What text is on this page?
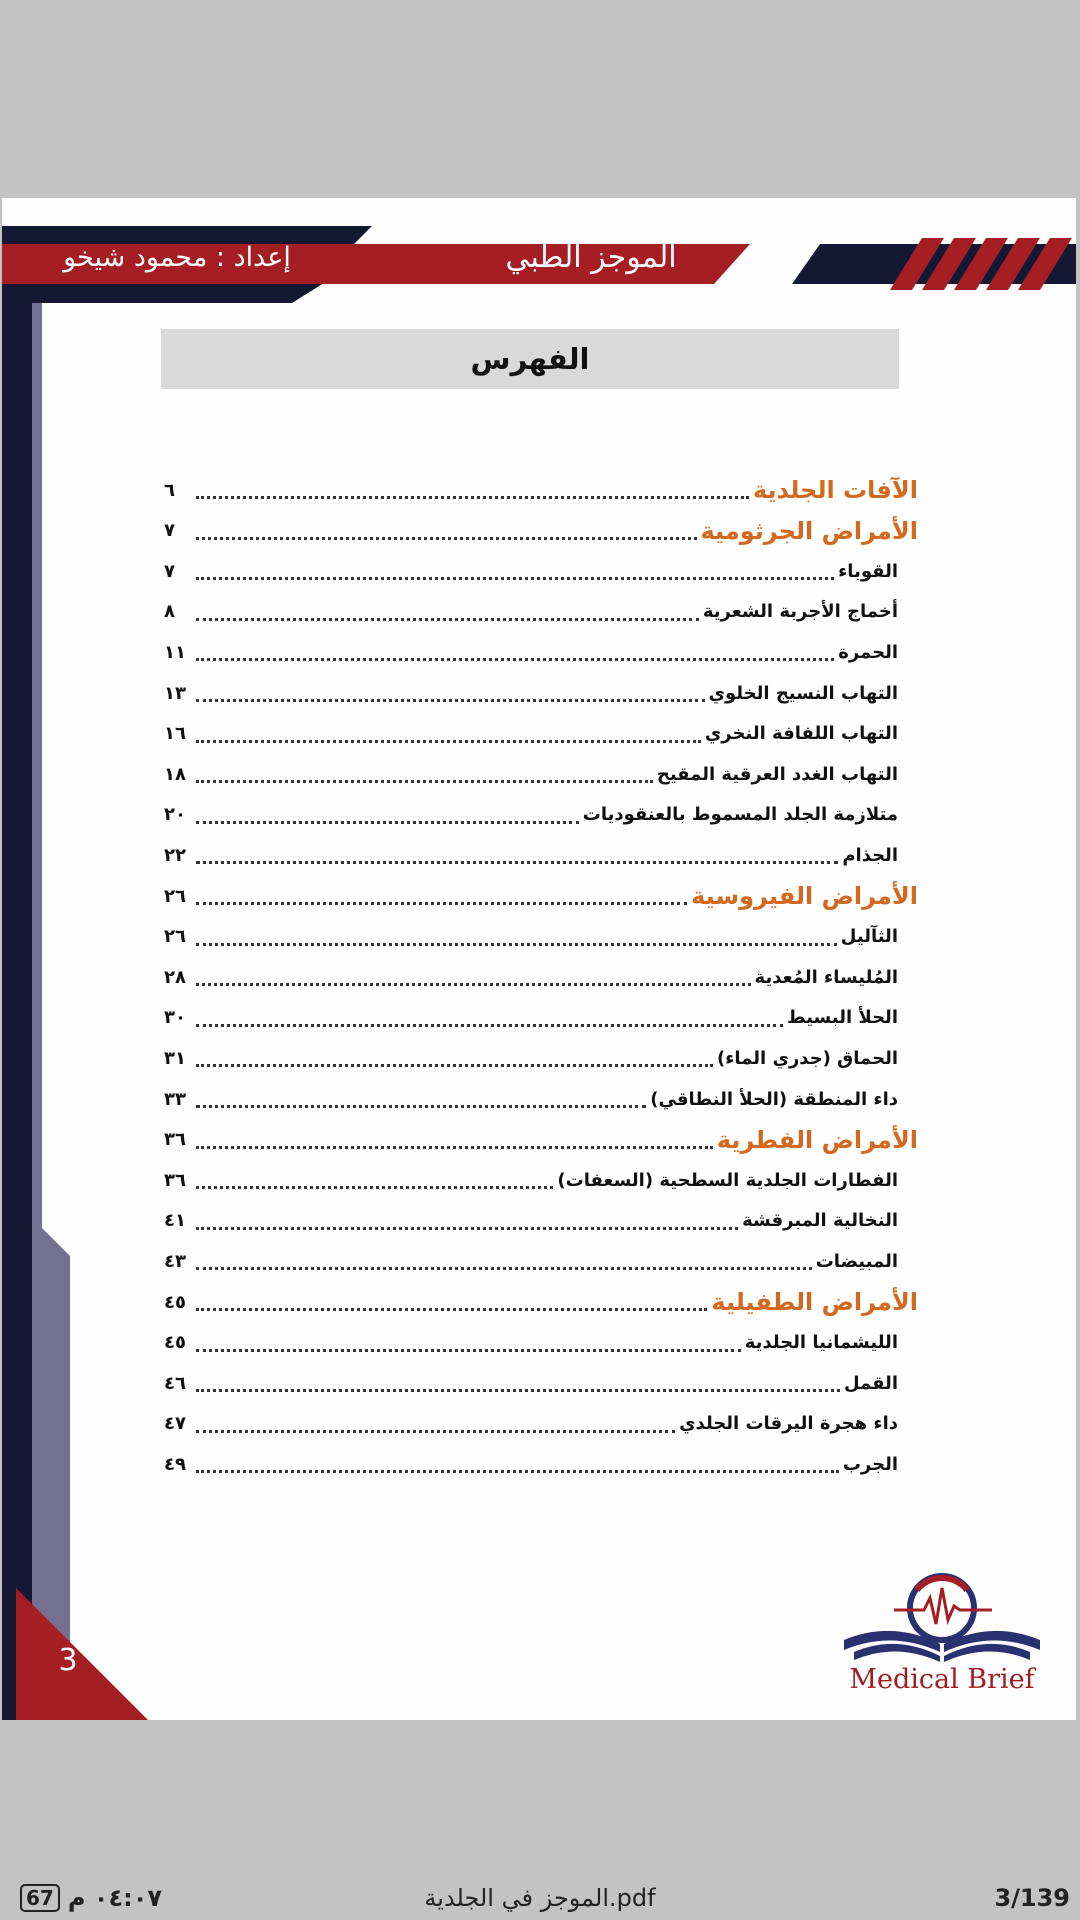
الموجز الطبي
إعداد : محمود شيخو
الفهرس
الآفات الجلدية
٦
الأمراض الجرثومية
٧
القوباء
٧
أخماج الأجربة الشعرية
٨
الحمرة
١١
التهاب النسيج الخلوي
١٣
التهاب اللفافة النخري
١٦
التهاب الغدد العرقية المقيح
١٨
متلازمة الجلد المسموط بالعنقوديات
٢٠
الجذام
٢٢
الأمراض الفيروسية
٢٦
الثآليل
٢٦
المُليساء المُعدية
٢٨
الحلأ البسيط
٣٠
الحماق (جدري الماء)
٣١
داء المنطقة (الحلأ النطاقي)
٣٣
الأمراض الفطرية
٣٦
الفطارات الجلدية السطحية (السعفات)
٣٦
النخالية المبرقشة
٤١
المبيضات
٤٣
الأمراض الطفيلية
٤٥
الليشمانيا الجلدية
٤٥
القمل
٤٦
داء هجرة اليرقات الجلدي
٤٧
الجرب
٤٩
3
Medical Brief
67 ٠٤:٠٧ م	الموجز في الجلدية.pdf	3/139
